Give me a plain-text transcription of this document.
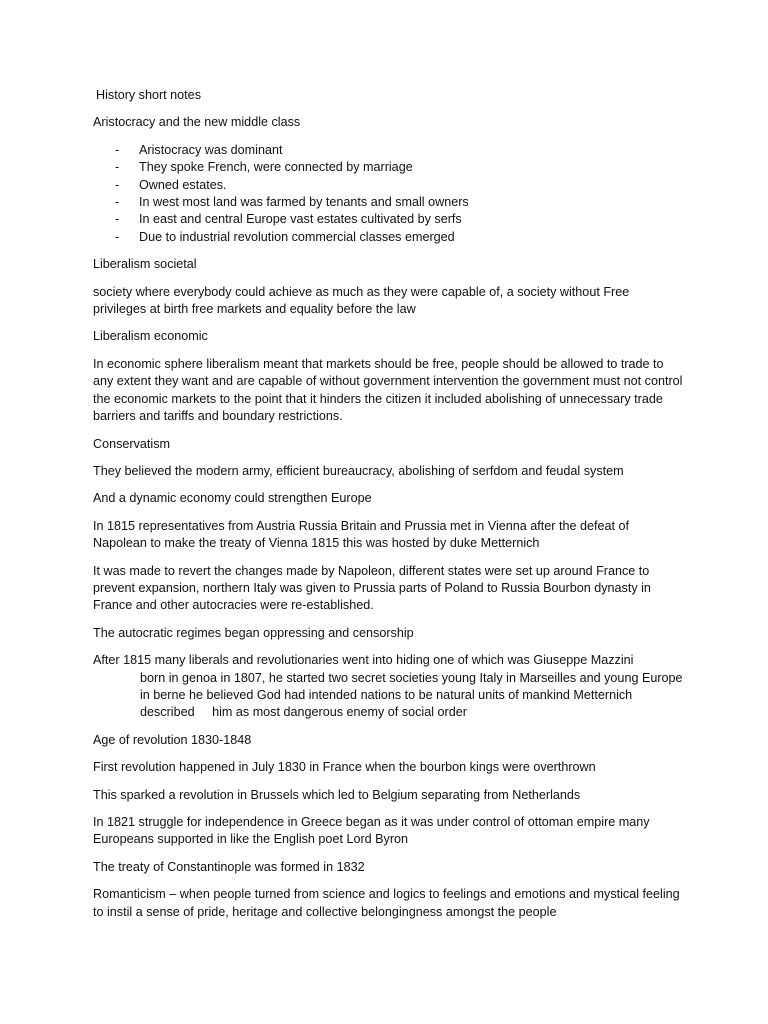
History short notes

Aristocracy and the new middle class

- Aristocracy was dominant
- They spoke French, were connected by marriage
- Owned estates.
- In west most land was farmed by tenants and small owners
- In east and central Europe vast estates cultivated by serfs
- Due to industrial revolution commercial classes emerged

Liberalism societal

society where everybody could achieve as much as they were capable of, a society without Free privileges at birth free markets and equality before the law

Liberalism economic

In economic sphere liberalism meant that markets should be free, people should be allowed to trade to any extent they want and are capable of without government intervention the government must not control the economic markets to the point that it hinders the citizen it included abolishing of unnecessary trade barriers and tariffs and boundary restrictions.

Conservatism

They believed the modern army, efficient bureaucracy, abolishing of serfdom and feudal system

And a dynamic economy could strengthen Europe

In 1815 representatives from Austria Russia Britain and Prussia met in Vienna after the defeat of Napolean to make the treaty of Vienna 1815 this was hosted by duke Metternich

It was made to revert the changes made by Napoleon, different states were set up around France to prevent expansion, northern Italy was given to Prussia parts of Poland to Russia Bourbon dynasty in France and other autocracies were re-established.

The autocratic regimes began oppressing and censorship

After 1815 many liberals and revolutionaries went into hiding one of which was Giuseppe Mazzini
born in genoa in 1807, he started two secret societies young Italy in Marseilles and young Europe in berne he believed God had intended nations to be natural units of mankind Metternich described     him as most dangerous enemy of social order

Age of revolution 1830-1848

First revolution happened in July 1830 in France when the bourbon kings were overthrown

This sparked a revolution in Brussels which led to Belgium separating from Netherlands

In 1821 struggle for independence in Greece began as it was under control of ottoman empire many Europeans supported in like the English poet Lord Byron

The treaty of Constantinople was formed in 1832

Romanticism – when people turned from science and logics to feelings and emotions and mystical feeling to instil a sense of pride, heritage and collective belongingness amongst the people
